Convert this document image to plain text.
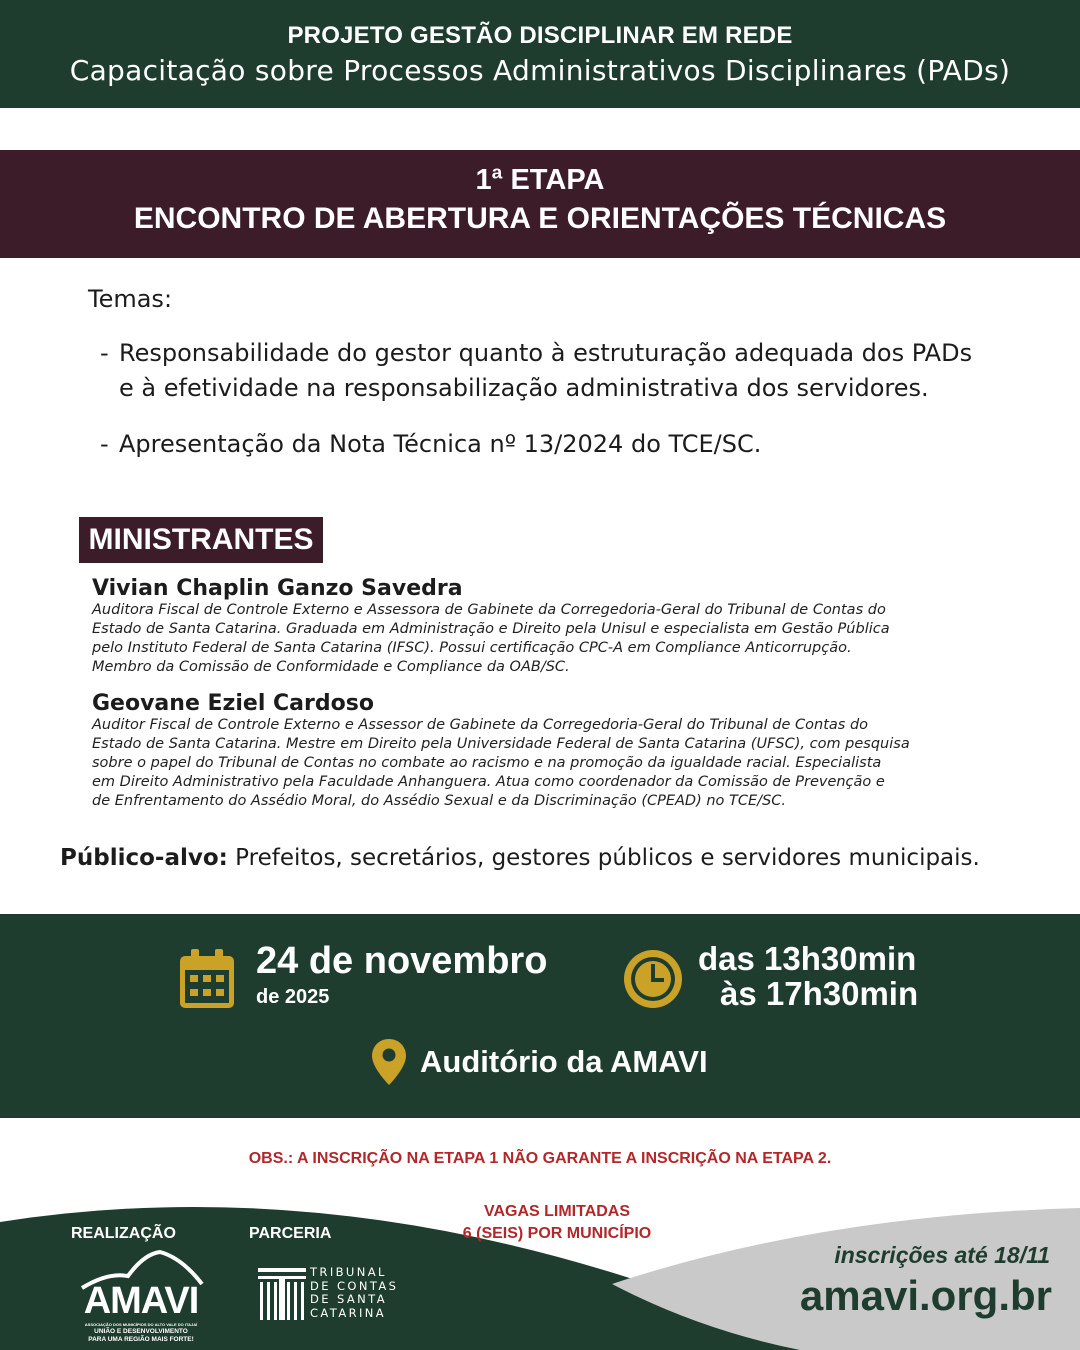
PROJETO GESTÃO DISCIPLINAR EM REDE
Capacitação sobre Processos Administrativos Disciplinares (PADs)
1ª ETAPA
ENCONTRO DE ABERTURA E ORIENTAÇÕES TÉCNICAS
Temas:
- Responsabilidade do gestor quanto à estruturação adequada dos PADs
e à efetividade na responsabilização administrativa dos servidores.
- Apresentação da Nota Técnica nº 13/2024 do TCE/SC.
MINISTRANTES
Vivian Chaplin Ganzo Savedra
Auditora Fiscal de Controle Externo e Assessora de Gabinete da Corregedoria-Geral do Tribunal de Contas do
Estado de Santa Catarina. Graduada em Administração e Direito pela Unisul e especialista em Gestão Pública
pelo Instituto Federal de Santa Catarina (IFSC). Possui certificação CPC-A em Compliance Anticorrupção.
Membro da Comissão de Conformidade e Compliance da OAB/SC.
Geovane Eziel Cardoso
Auditor Fiscal de Controle Externo e Assessor de Gabinete da Corregedoria-Geral do Tribunal de Contas do
Estado de Santa Catarina. Mestre em Direito pela Universidade Federal de Santa Catarina (UFSC), com pesquisa
sobre o papel do Tribunal de Contas no combate ao racismo e na promoção da igualdade racial. Especialista
em Direito Administrativo pela Faculdade Anhanguera. Atua como coordenador da Comissão de Prevenção e
de Enfrentamento do Assédio Moral, do Assédio Sexual e da Discriminação (CPEAD) no TCE/SC.
Público-alvo: Prefeitos, secretários, gestores públicos e servidores municipais.
24 de novembro
de 2025
das 13h30min
às 17h30min
Auditório da AMAVI
OBS.: A INSCRIÇÃO NA ETAPA 1 NÃO GARANTE A INSCRIÇÃO NA ETAPA 2.
VAGAS LIMITADAS
6 (SEIS) POR MUNICÍPIO
REALIZAÇÃO	PARCERIA
AMAVI
ASSOCIAÇÃO DOS MUNICÍPIOS DO ALTO VALE DO ITAJAÍ
UNIÃO E DESENVOLVIMENTO
PARA UMA REGIÃO MAIS FORTE!
TRIBUNAL
DE CONTAS
DE SANTA
CATARINA
inscrições até 18/11
amavi.org.br
